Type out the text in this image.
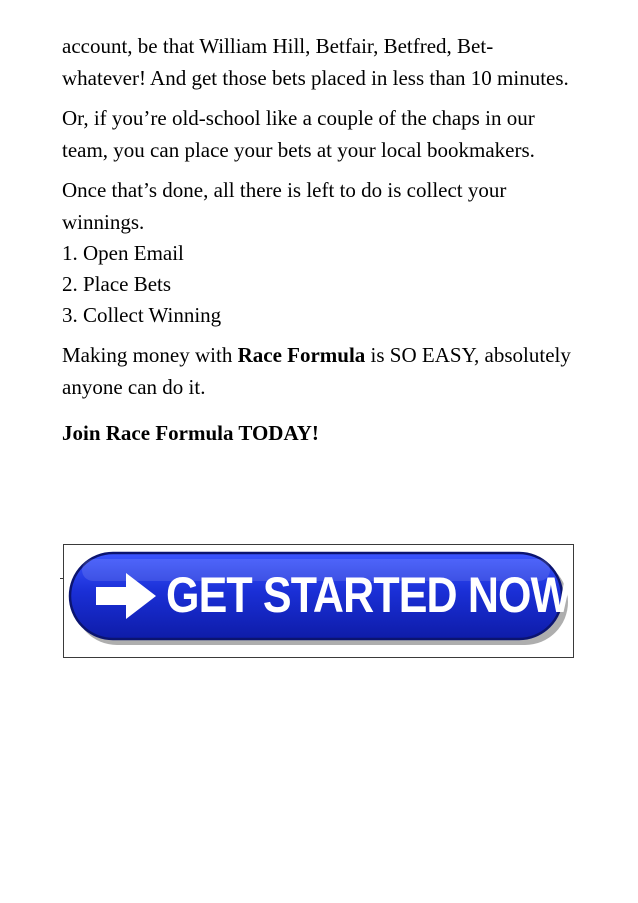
account, be that William Hill, Betfair, Betfred, Bet-whatever! And get those bets placed in less than 10 minutes.

Or, if you’re old-school like a couple of the chaps in our team, you can place your bets at your local bookmakers.

Once that’s done, all there is left to do is collect your winnings.

1. Open Email
2. Place Bets
3. Collect Winning

Making money with Race Formula is SO EASY, absolutely anyone can do it.

Join Race Formula TODAY!

GET STARTED NOW
